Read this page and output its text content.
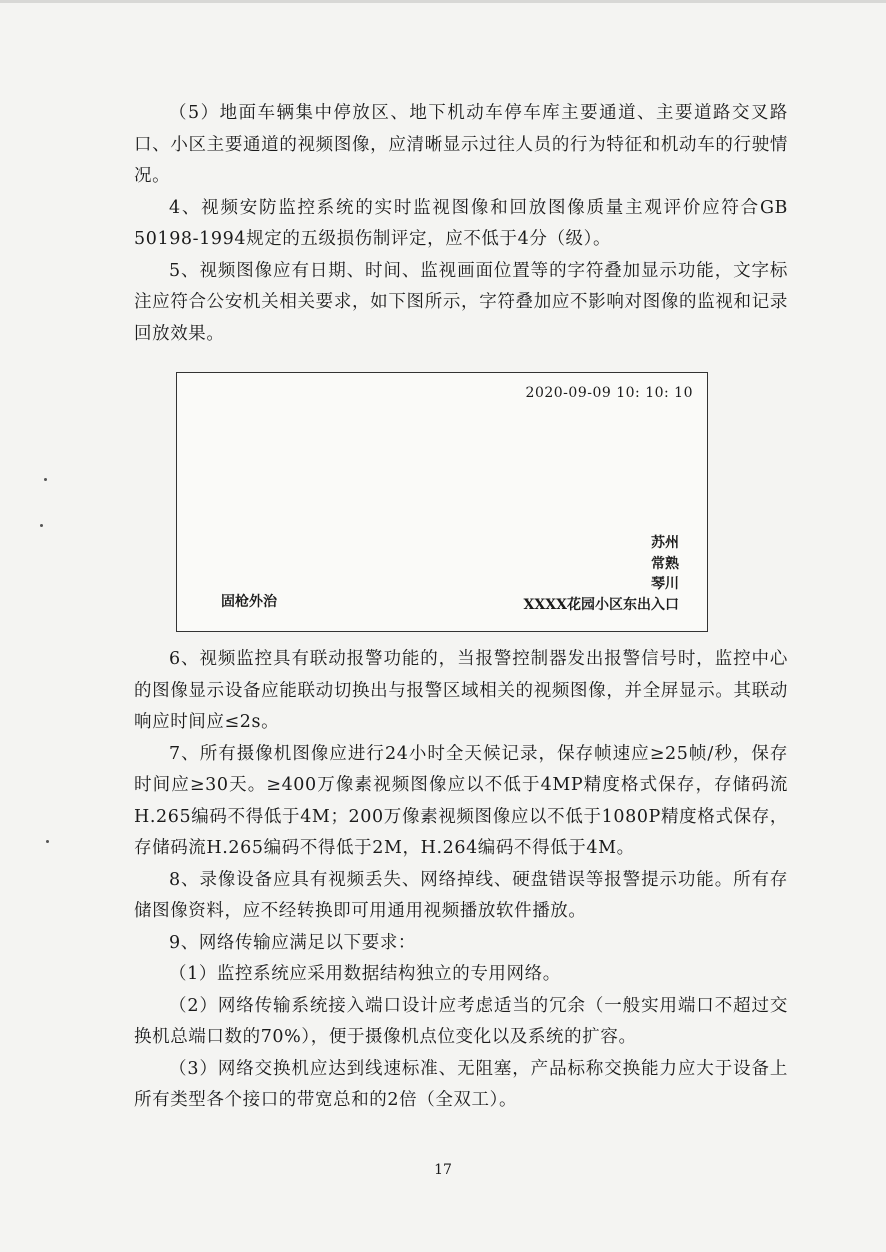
（5）地面车辆集中停放区、地下机动车停车库主要通道、主要道路交叉路口、小区主要通道的视频图像，应清晰显示过往人员的行为特征和机动车的行驶情况。

4、视频安防监控系统的实时监视图像和回放图像质量主观评价应符合GB 50198-1994规定的五级损伤制评定，应不低于4分（级）。

5、视频图像应有日期、时间、监视画面位置等的字符叠加显示功能，文字标注应符合公安机关相关要求，如下图所示，字符叠加应不影响对图像的监视和记录回放效果。

2020-09-09 10: 10: 10
苏州
常熟
琴川
XXXX花园小区东出入口
固枪外治

6、视频监控具有联动报警功能的，当报警控制器发出报警信号时，监控中心的图像显示设备应能联动切换出与报警区域相关的视频图像，并全屏显示。其联动响应时间应≤2s。

7、所有摄像机图像应进行24小时全天候记录，保存帧速应≥25帧/秒，保存时间应≥30天。≥400万像素视频图像应以不低于4MP精度格式保存，存储码流H.265编码不得低于4M；200万像素视频图像应以不低于1080P精度格式保存，存储码流H.265编码不得低于2M，H.264编码不得低于4M。

8、录像设备应具有视频丢失、网络掉线、硬盘错误等报警提示功能。所有存储图像资料，应不经转换即可用通用视频播放软件播放。

9、网络传输应满足以下要求：

（1）监控系统应采用数据结构独立的专用网络。

（2）网络传输系统接入端口设计应考虑适当的冗余（一般实用端口不超过交换机总端口数的70%），便于摄像机点位变化以及系统的扩容。

（3）网络交换机应达到线速标准、无阻塞，产品标称交换能力应大于设备上所有类型各个接口的带宽总和的2倍（全双工）。

17
